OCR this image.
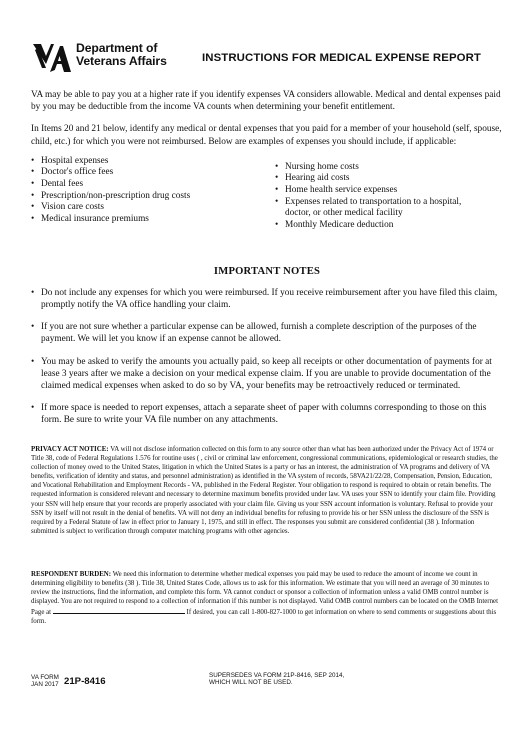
Department of
Veterans Affairs	INSTRUCTIONS FOR MEDICAL EXPENSE REPORT

VA may be able to pay you at a higher rate if you identify expenses VA considers allowable. Medical and dental expenses paid by you may be deductible from the income VA counts when determining your benefit entitlement.

In Items 20 and 21 below, identify any medical or dental expenses that you paid for a member of your household (self, spouse, child, etc.) for which you were not reimbursed. Below are examples of expenses you should include, if applicable:

• Hospital expenses
• Doctor's office fees
• Dental fees
• Prescription/non-prescription drug costs
• Vision care costs
• Medical insurance premiums
• Nursing home costs
• Hearing aid costs
• Home health service expenses
• Expenses related to transportation to a hospital, doctor, or other medical facility
• Monthly Medicare deduction
IMPORTANT NOTES
• Do not include any expenses for which you were reimbursed. If you receive reimbursement after you have filed this claim, promptly notify the VA office handling your claim.
• If you are not sure whether a particular expense can be allowed, furnish a complete description of the purposes of the payment. We will let you know if an expense cannot be allowed.
• You may be asked to verify the amounts you actually paid, so keep all receipts or other documentation of payments for at lease 3 years after we make a decision on your medical expense claim. If you are unable to provide documentation of the claimed medical expenses when asked to do so by VA, your benefits may be retroactively reduced or terminated.
• If more space is needed to report expenses, attach a separate sheet of paper with columns corresponding to those on this form. Be sure to write your VA file number on any attachments.

PRIVACY ACT NOTICE: VA will not disclose information collected on this form to any source other than what has been authorized under the Privacy Act of 1974 or Title 38, code of Federal Regulations 1.576 for routine uses ( , civil or criminal law enforcement, congressional communications, epidemiological or research studies, the collection of money owed to the United States, litigation in which the United States is a party or has an interest, the administration of VA programs and delivery of VA benefits, verification of identity and status, and personnel administration) as identified in the VA system of records, 58VA21/22/28, Compensation, Pension, Education, and Vocational Rehabilitation and Employment Records - VA, published in the Federal Register. Your obligation to respond is required to obtain or retain benefits. The requested information is considered relevant and necessary to determine maximum benefits provided under law. VA uses your SSN to identify your claim file. Providing your SSN will help ensure that your records are properly associated with your claim file. Giving us your SSN account information is voluntary. Refusal to provide your SSN by itself will not result in the denial of benefits. VA will not deny an individual benefits for refusing to provide his or her SSN unless the disclosure of the SSN is required by a Federal Statute of law in effect prior to January 1, 1975, and still in effect. The responses you submit are considered confidential (38 ). Information submitted is subject to verification through computer matching programs with other agencies.

RESPONDENT BURDEN: We need this information to determine whether medical expenses you paid may be used to reduce the amount of income we count in determining eligibility to benefits (38 ). Title 38, United States Code, allows us to ask for this information. We estimate that you will need an average of 30 minutes to review the instructions, find the information, and complete this form. VA cannot conduct or sponsor a collection of information unless a valid OMB control number is displayed. You are not required to respond to a collection of information if this number is not displayed. Valid OMB control numbers can be located on the OMB Internet Page at	If desired, you can call 1-800-827-1000 to get information on where to send comments or suggestions about this form.

VA FORM
JAN 2017 21P-8416
SUPERSEDES VA FORM 21P-8416, SEP 2014,
WHICH WILL NOT BE USED.
